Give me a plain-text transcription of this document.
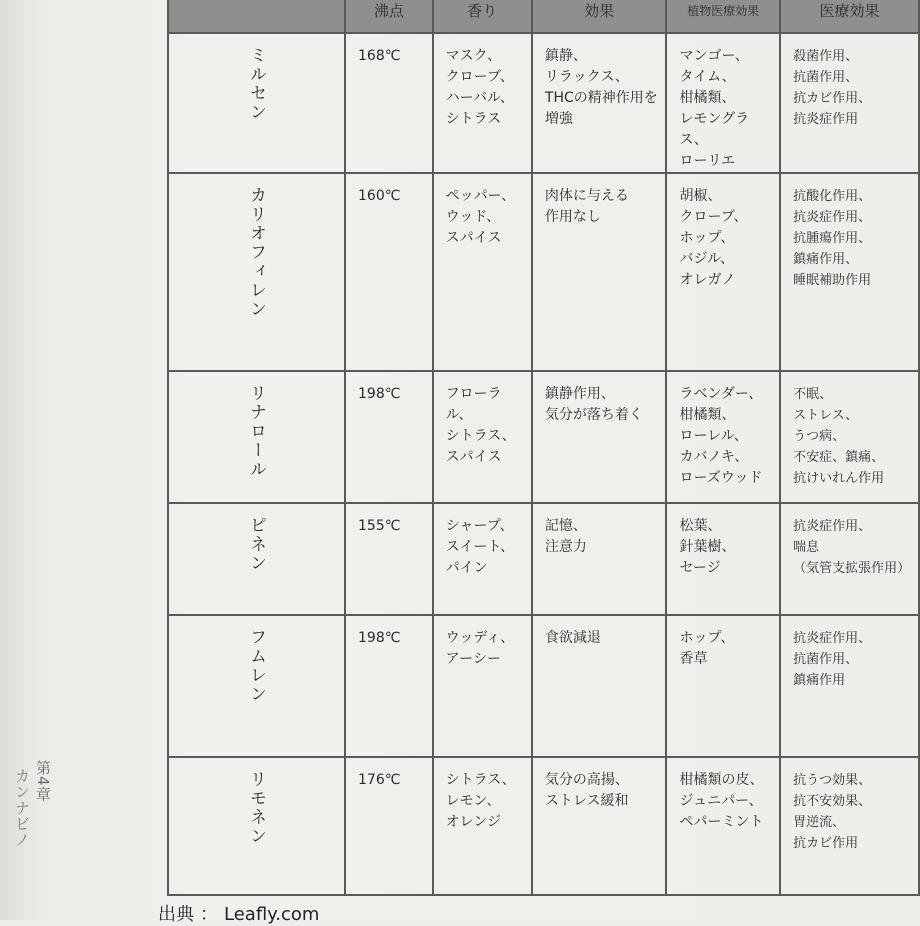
第4章
カンナビノ
	沸点	香り	効果	植物医療効果	医療効果
ミルセン	168℃	マスク、
クローブ、
ハーバル、
シトラス	鎮静、
リラックス、
THCの精神作用を
増強	マンゴー、
タイム、
柑橘類、
レモングラス、
ローリエ	殺菌作用、
抗菌作用、
抗カビ作用、
抗炎症作用

カリオフィレン	160℃	ペッパー、
ウッド、
スパイス	肉体に与える
作用なし	胡椒、
クローブ、
ホップ、
バジル、
オレガノ	抗酸化作用、
抗炎症作用、
抗腫瘍作用、
鎮痛作用、
睡眠補助作用

リナロール	198℃	フローラル、
シトラス、
スパイス	鎮静作用、
気分が落ち着く	ラベンダー、
柑橘類、
ローレル、
カバノキ、
ローズウッド	不眠、
ストレス、
うつ病、
不安症、鎮痛、
抗けいれん作用

ピネン	155℃	シャープ、
スイート、
パイン	記憶、
注意力	松葉、
針葉樹、
セージ	抗炎症作用、
喘息
（気管支拡張作用）

フムレン	198℃	ウッディ、
アーシー	食欲減退	ホップ、
香草	抗炎症作用、
抗菌作用、
鎮痛作用

リモネン	176℃	シトラス、
レモン、
オレンジ	気分の高揚、
ストレス緩和	柑橘類の皮、
ジュニパー、
ペパーミント	抗うつ効果、
抗不安効果、
胃逆流、
抗カビ作用
出典 ： Leafly.com
